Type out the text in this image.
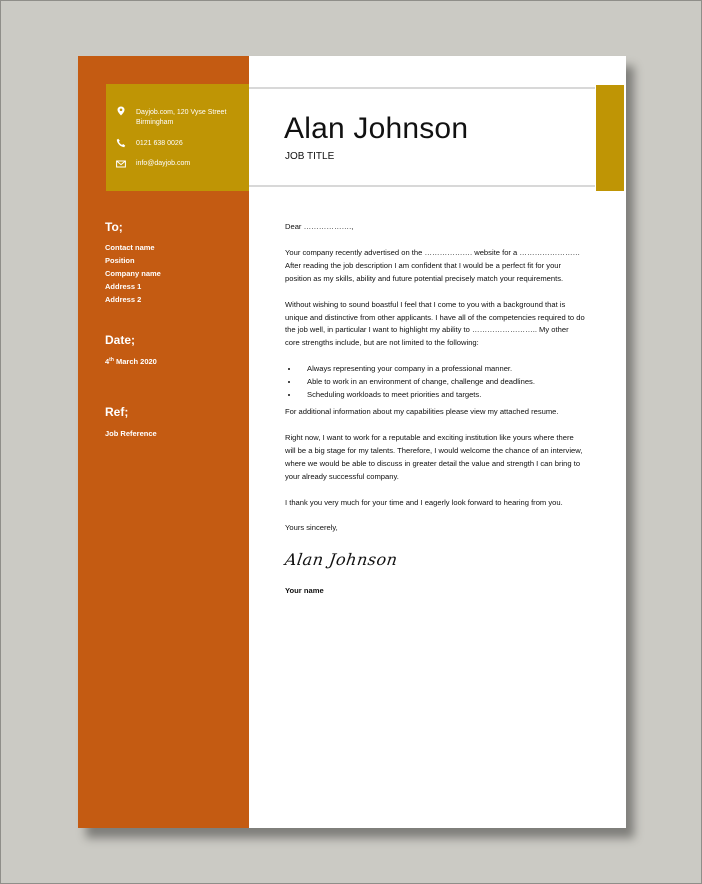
Dayjob.com, 120 Vyse Street
Birmingham
0121 638 0026
info@dayjob.com
To;
Contact name
Position
Company name
Address 1
Address 2
Date;
4th March 2020
Ref;
Job Reference
Alan Johnson
JOB TITLE

Dear ……………….,

Your company recently advertised on the ………………. website for a …………………… After reading the job description I am confident that I would be a perfect fit for your position as my skills, ability and future potential precisely match your requirements.

Without wishing to sound boastful I feel that I come to you with a background that is unique and distinctive from other applicants. I have all of the competencies required to do the job well, in particular I want to highlight my ability to …………………….. My other core strengths include, but are not limited to the following:

• Always representing your company in a professional manner.
• Able to work in an environment of change, challenge and deadlines.
• Scheduling workloads to meet priorities and targets.

For additional information about my capabilities please view my attached resume.

Right now, I want to work for a reputable and exciting institution like yours where there will be a big stage for my talents. Therefore, I would welcome the chance of an interview, where we would be able to discuss in greater detail the value and strength I can bring to your already successful company.

I thank you very much for your time and I eagerly look forward to hearing from you.

Yours sincerely,

Alan Johnson

Your name
